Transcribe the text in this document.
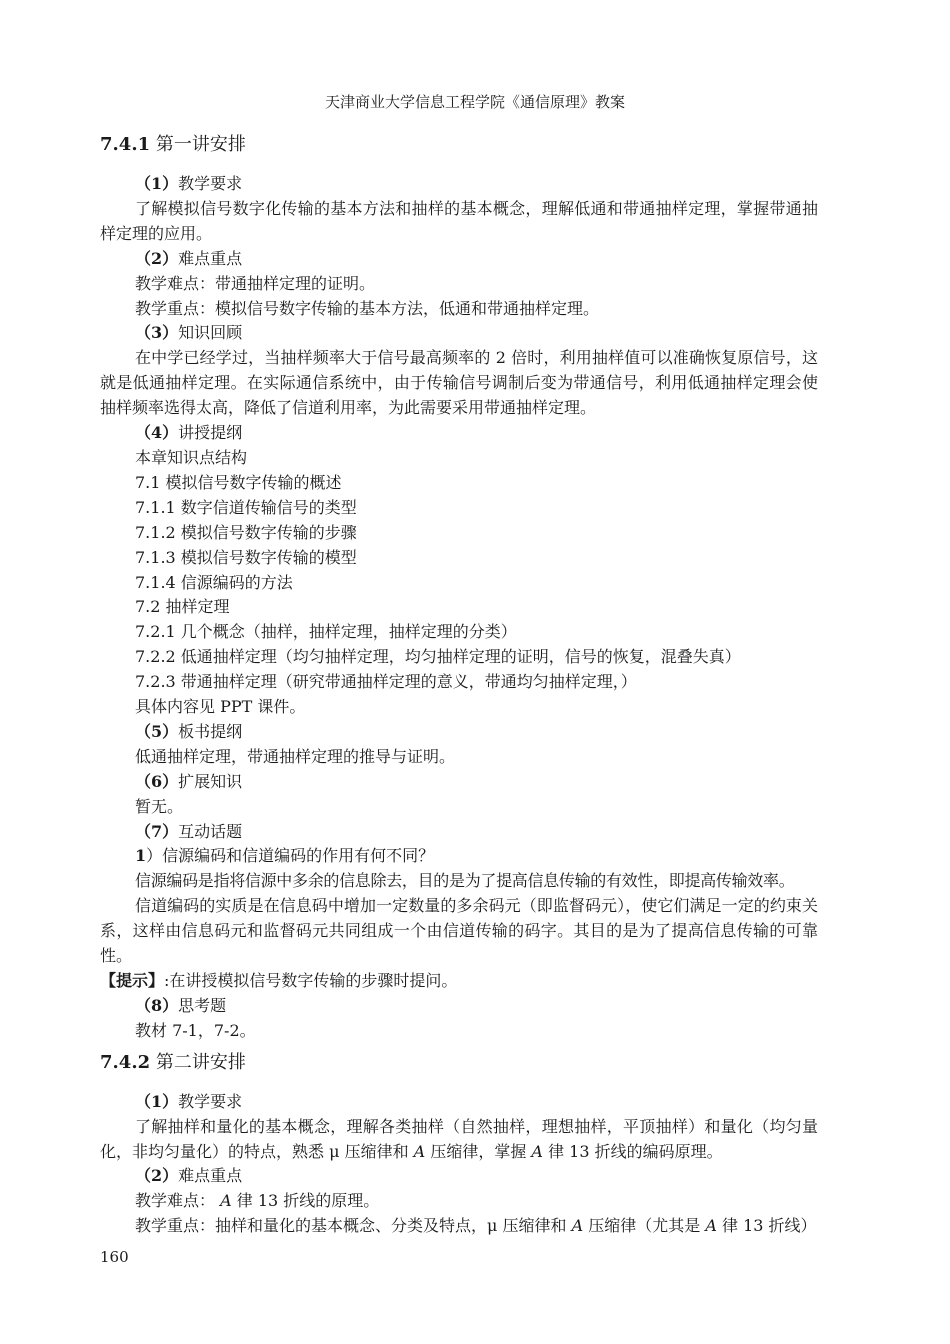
天津商业大学信息工程学院《通信原理》教案

7.4.1 第一讲安排

（1）教学要求

了解模拟信号数字化传输的基本方法和抽样的基本概念，理解低通和带通抽样定理，掌握带通抽样定理的应用。

（2）难点重点

教学难点：带通抽样定理的证明。

教学重点：模拟信号数字传输的基本方法，低通和带通抽样定理。

（3）知识回顾

在中学已经学过，当抽样频率大于信号最高频率的 2 倍时，利用抽样值可以准确恢复原信号，这就是低通抽样定理。在实际通信系统中，由于传输信号调制后变为带通信号，利用低通抽样定理会使抽样频率选得太高，降低了信道利用率，为此需要采用带通抽样定理。

（4）讲授提纲

本章知识点结构

7.1 模拟信号数字传输的概述

7.1.1 数字信道传输信号的类型

7.1.2 模拟信号数字传输的步骤

7.1.3 模拟信号数字传输的模型

7.1.4 信源编码的方法

7.2 抽样定理

7.2.1 几个概念（抽样，抽样定理，抽样定理的分类）

7.2.2 低通抽样定理（均匀抽样定理，均匀抽样定理的证明，信号的恢复，混叠失真）

7.2.3 带通抽样定理（研究带通抽样定理的意义，带通均匀抽样定理，）

具体内容见 PPT 课件。

（5）板书提纲

低通抽样定理，带通抽样定理的推导与证明。

（6）扩展知识

暂无。

（7）互动话题

1）信源编码和信道编码的作用有何不同？

信源编码是指将信源中多余的信息除去，目的是为了提高信息传输的有效性，即提高传输效率。

信道编码的实质是在信息码中增加一定数量的多余码元（即监督码元），使它们满足一定的约束关系，这样由信息码元和监督码元共同组成一个由信道传输的码字。其目的是为了提高信息传输的可靠性。

【提示】:在讲授模拟信号数字传输的步骤时提问。

（8）思考题

教材 7-1，7-2。

7.4.2 第二讲安排

（1）教学要求

了解抽样和量化的基本概念，理解各类抽样（自然抽样，理想抽样，平顶抽样）和量化（均匀量化，非均匀量化）的特点，熟悉 μ 压缩律和 A 压缩律，掌握 A 律 13 折线的编码原理。

（2）难点重点

教学难点： A 律 13 折线的原理。

教学重点：抽样和量化的基本概念、分类及特点，μ 压缩律和 A 压缩律（尤其是 A 律 13 折线）

160
